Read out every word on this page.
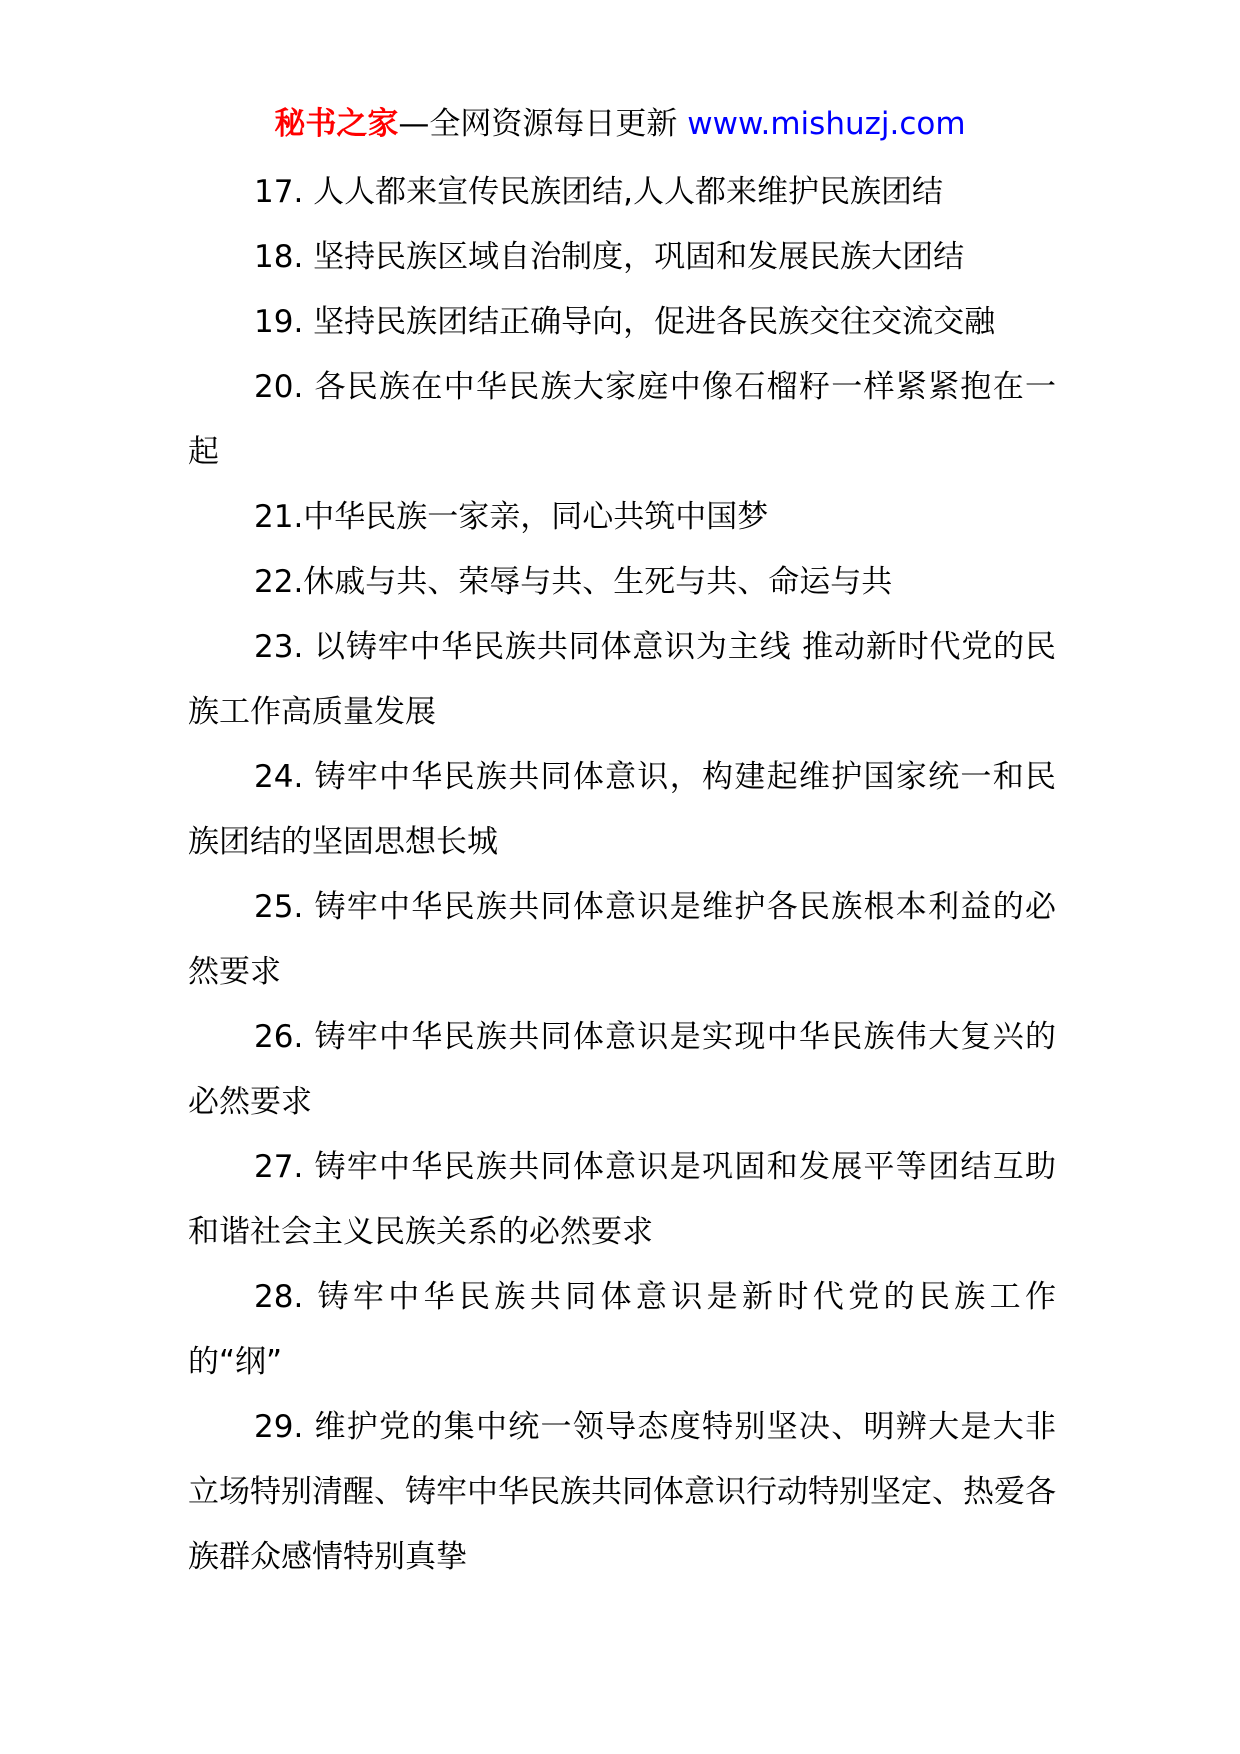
秘书之家—全网资源每日更新 www.mishuzj.com

17. 人人都来宣传民族团结,人人都来维护民族团结

18. 坚持民族区域自治制度，巩固和发展民族大团结

19. 坚持民族团结正确导向，促进各民族交往交流交融

20. 各民族在中华民族大家庭中像石榴籽一样紧紧抱在一起

21.中华民族一家亲，同心共筑中国梦

22.休戚与共、荣辱与共、生死与共、命运与共

23. 以铸牢中华民族共同体意识为主线 推动新时代党的民族工作高质量发展

24. 铸牢中华民族共同体意识，构建起维护国家统一和民族团结的坚固思想长城

25. 铸牢中华民族共同体意识是维护各民族根本利益的必然要求

26. 铸牢中华民族共同体意识是实现中华民族伟大复兴的必然要求

27. 铸牢中华民族共同体意识是巩固和发展平等团结互助和谐社会主义民族关系的必然要求

28. 铸牢中华民族共同体意识是新时代党的民族工作的“纲”

29. 维护党的集中统一领导态度特别坚决、明辨大是大非立场特别清醒、铸牢中华民族共同体意识行动特别坚定、热爱各族群众感情特别真挚
